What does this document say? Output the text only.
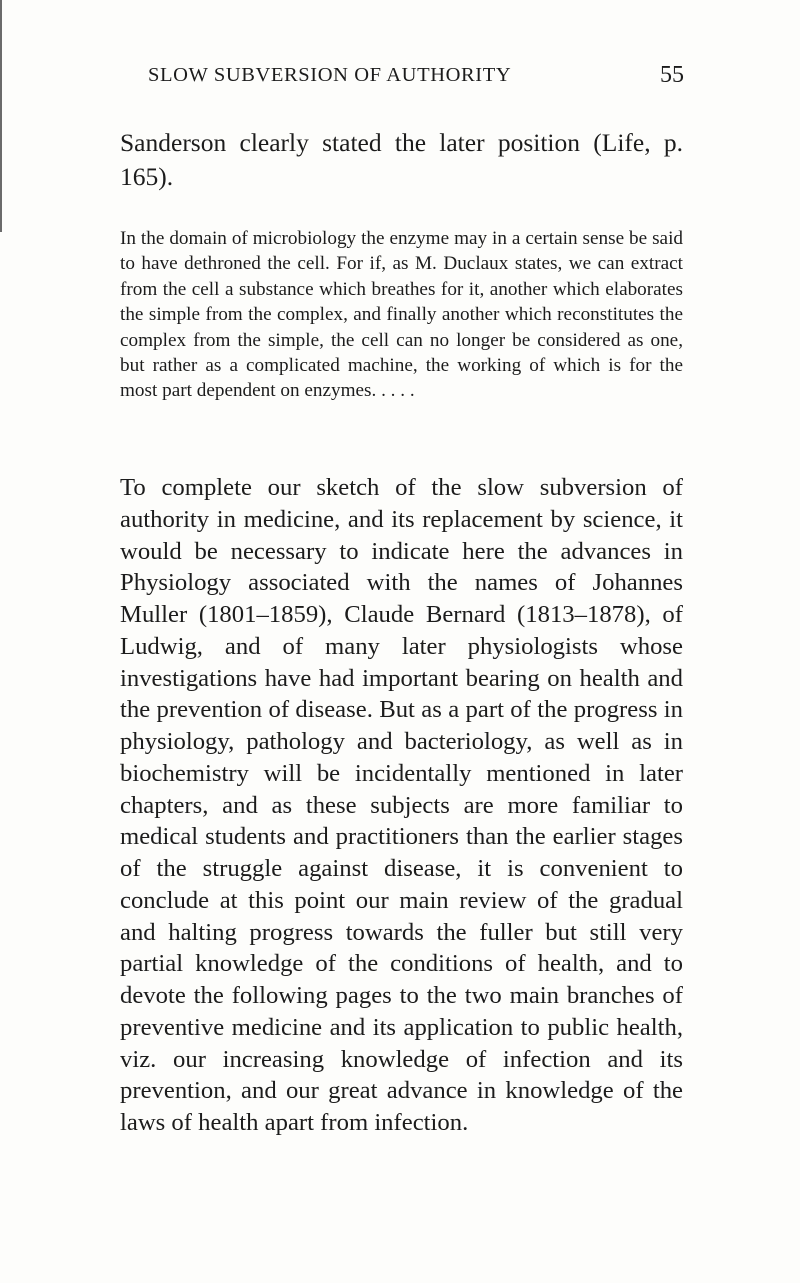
SLOW SUBVERSION OF AUTHORITY	55

Sanderson clearly stated the later position (Life, p. 165).

In the domain of microbiology the enzyme may in a certain sense be said to have dethroned the cell. For if, as M. Duclaux states, we can extract from the cell a substance which breathes for it, another which elaborates the simple from the complex, and finally another which reconstitutes the complex from the simple, the cell can no longer be considered as one, but rather as a complicated machine, the working of which is for the most part dependent on enzymes. . . . .

To complete our sketch of the slow subversion of authority in medicine, and its replacement by science, it would be necessary to indicate here the advances in Physiology associated with the names of Johannes Muller (1801–1859), Claude Bernard (1813–1878), of Ludwig, and of many later physiologists whose investigations have had important bearing on health and the prevention of disease. But as a part of the progress in physiology, pathology and bacteriology, as well as in biochemistry will be incidentally mentioned in later chapters, and as these subjects are more familiar to medical students and practitioners than the earlier stages of the struggle against disease, it is convenient to conclude at this point our main review of the gradual and halting progress towards the fuller but still very partial knowledge of the conditions of health, and to devote the following pages to the two main branches of preventive medicine and its application to public health, viz. our increasing knowledge of infection and its prevention, and our great advance in knowledge of the laws of health apart from infection.
